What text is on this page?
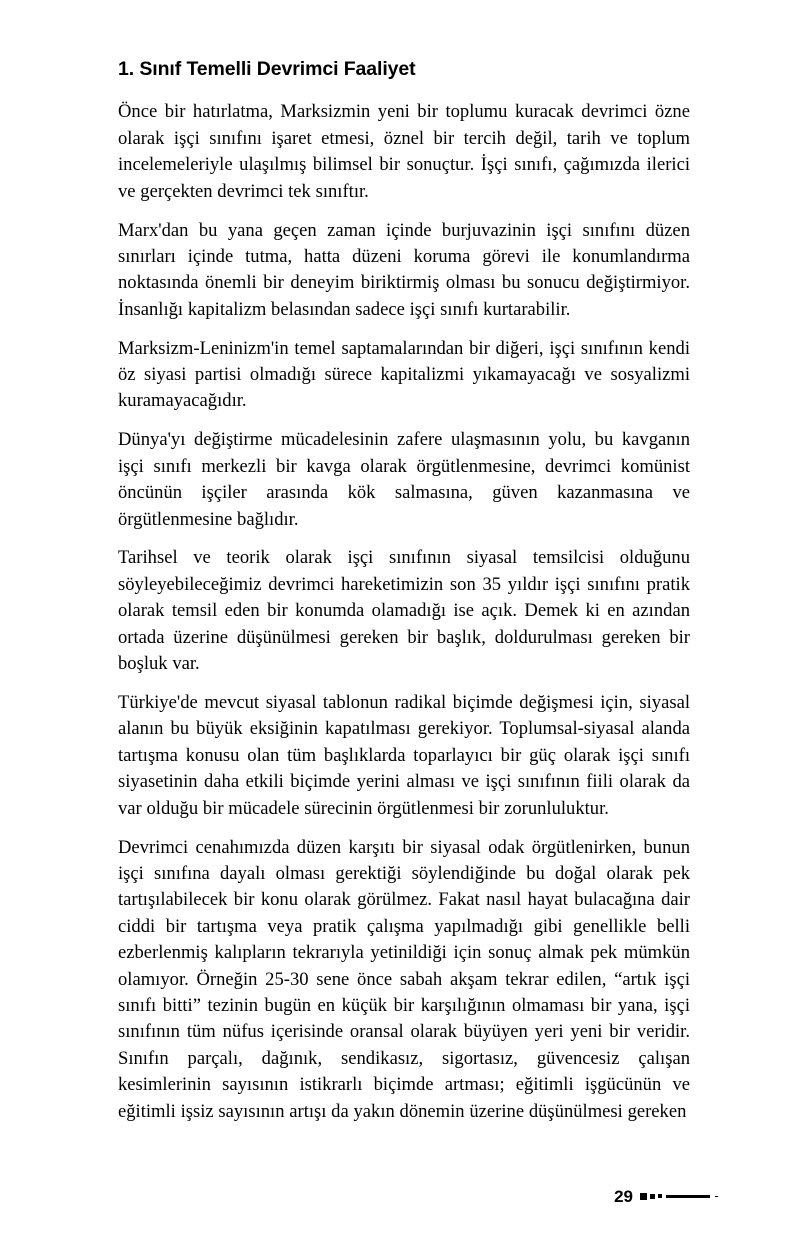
1. Sınıf Temelli Devrimci Faaliyet

Önce bir hatırlatma, Marksizmin yeni bir toplumu kuracak devrimci özne olarak işçi sınıfını işaret etmesi, öznel bir tercih değil, tarih ve toplum incelemeleriyle ulaşılmış bilimsel bir sonuçtur. İşçi sınıfı, çağımızda ilerici ve gerçekten devrimci tek sınıftır.

Marx'dan bu yana geçen zaman içinde burjuvazinin işçi sınıfını düzen sınırları içinde tutma, hatta düzeni koruma görevi ile konumlandırma noktasında önemli bir deneyim biriktirmiş olması bu sonucu değiştirmiyor. İnsanlığı kapitalizm belasından sadece işçi sınıfı kurtarabilir.

Marksizm-Leninizm'in temel saptamalarından bir diğeri, işçi sınıfının kendi öz siyasi partisi olmadığı sürece kapitalizmi yıkamayacağı ve sosyalizmi kuramayacağıdır.

Dünya'yı değiştirme mücadelesinin zafere ulaşmasının yolu, bu kavganın işçi sınıfı merkezli bir kavga olarak örgütlenmesine, devrimci komünist öncünün işçiler arasında kök salmasına, güven kazanmasına ve örgütlenmesine bağlıdır.

Tarihsel ve teorik olarak işçi sınıfının siyasal temsilcisi olduğunu söyleyebileceğimiz devrimci hareketimizin son 35 yıldır işçi sınıfını pratik olarak temsil eden bir konumda olamadığı ise açık. Demek ki en azından ortada üzerine düşünülmesi gereken bir başlık, doldurulması gereken bir boşluk var.

Türkiye'de mevcut siyasal tablonun radikal biçimde değişmesi için, siyasal alanın bu büyük eksiğinin kapatılması gerekiyor. Toplumsal-siyasal alanda tartışma konusu olan tüm başlıklarda toparlayıcı bir güç olarak işçi sınıfı siyasetinin daha etkili biçimde yerini alması ve işçi sınıfının fiili olarak da var olduğu bir mücadele sürecinin örgütlenmesi bir zorunluluktur.

Devrimci cenahımızda düzen karşıtı bir siyasal odak örgütlenirken, bunun işçi sınıfına dayalı olması gerektiği söylendiğinde bu doğal olarak pek tartışılabilecek bir konu olarak görülmez. Fakat nasıl hayat bulacağına dair ciddi bir tartışma veya pratik çalışma yapılmadığı gibi genellikle belli ezberlenmiş kalıpların tekrarıyla yetinildiği için sonuç almak pek mümkün olamıyor. Örneğin 25-30 sene önce sabah akşam tekrar edilen, “artık işçi sınıfı bitti” tezinin bugün en küçük bir karşılığının olmaması bir yana, işçi sınıfının tüm nüfus içerisinde oransal olarak büyüyen yeri yeni bir veridir. Sınıfın parçalı, dağınık, sendikasız, sigortasız, güvencesiz çalışan kesimlerinin sayısının istikrarlı biçimde artması; eğitimli işgücünün ve eğitimli işsiz sayısının artışı da yakın dönemin üzerine düşünülmesi gereken

29
